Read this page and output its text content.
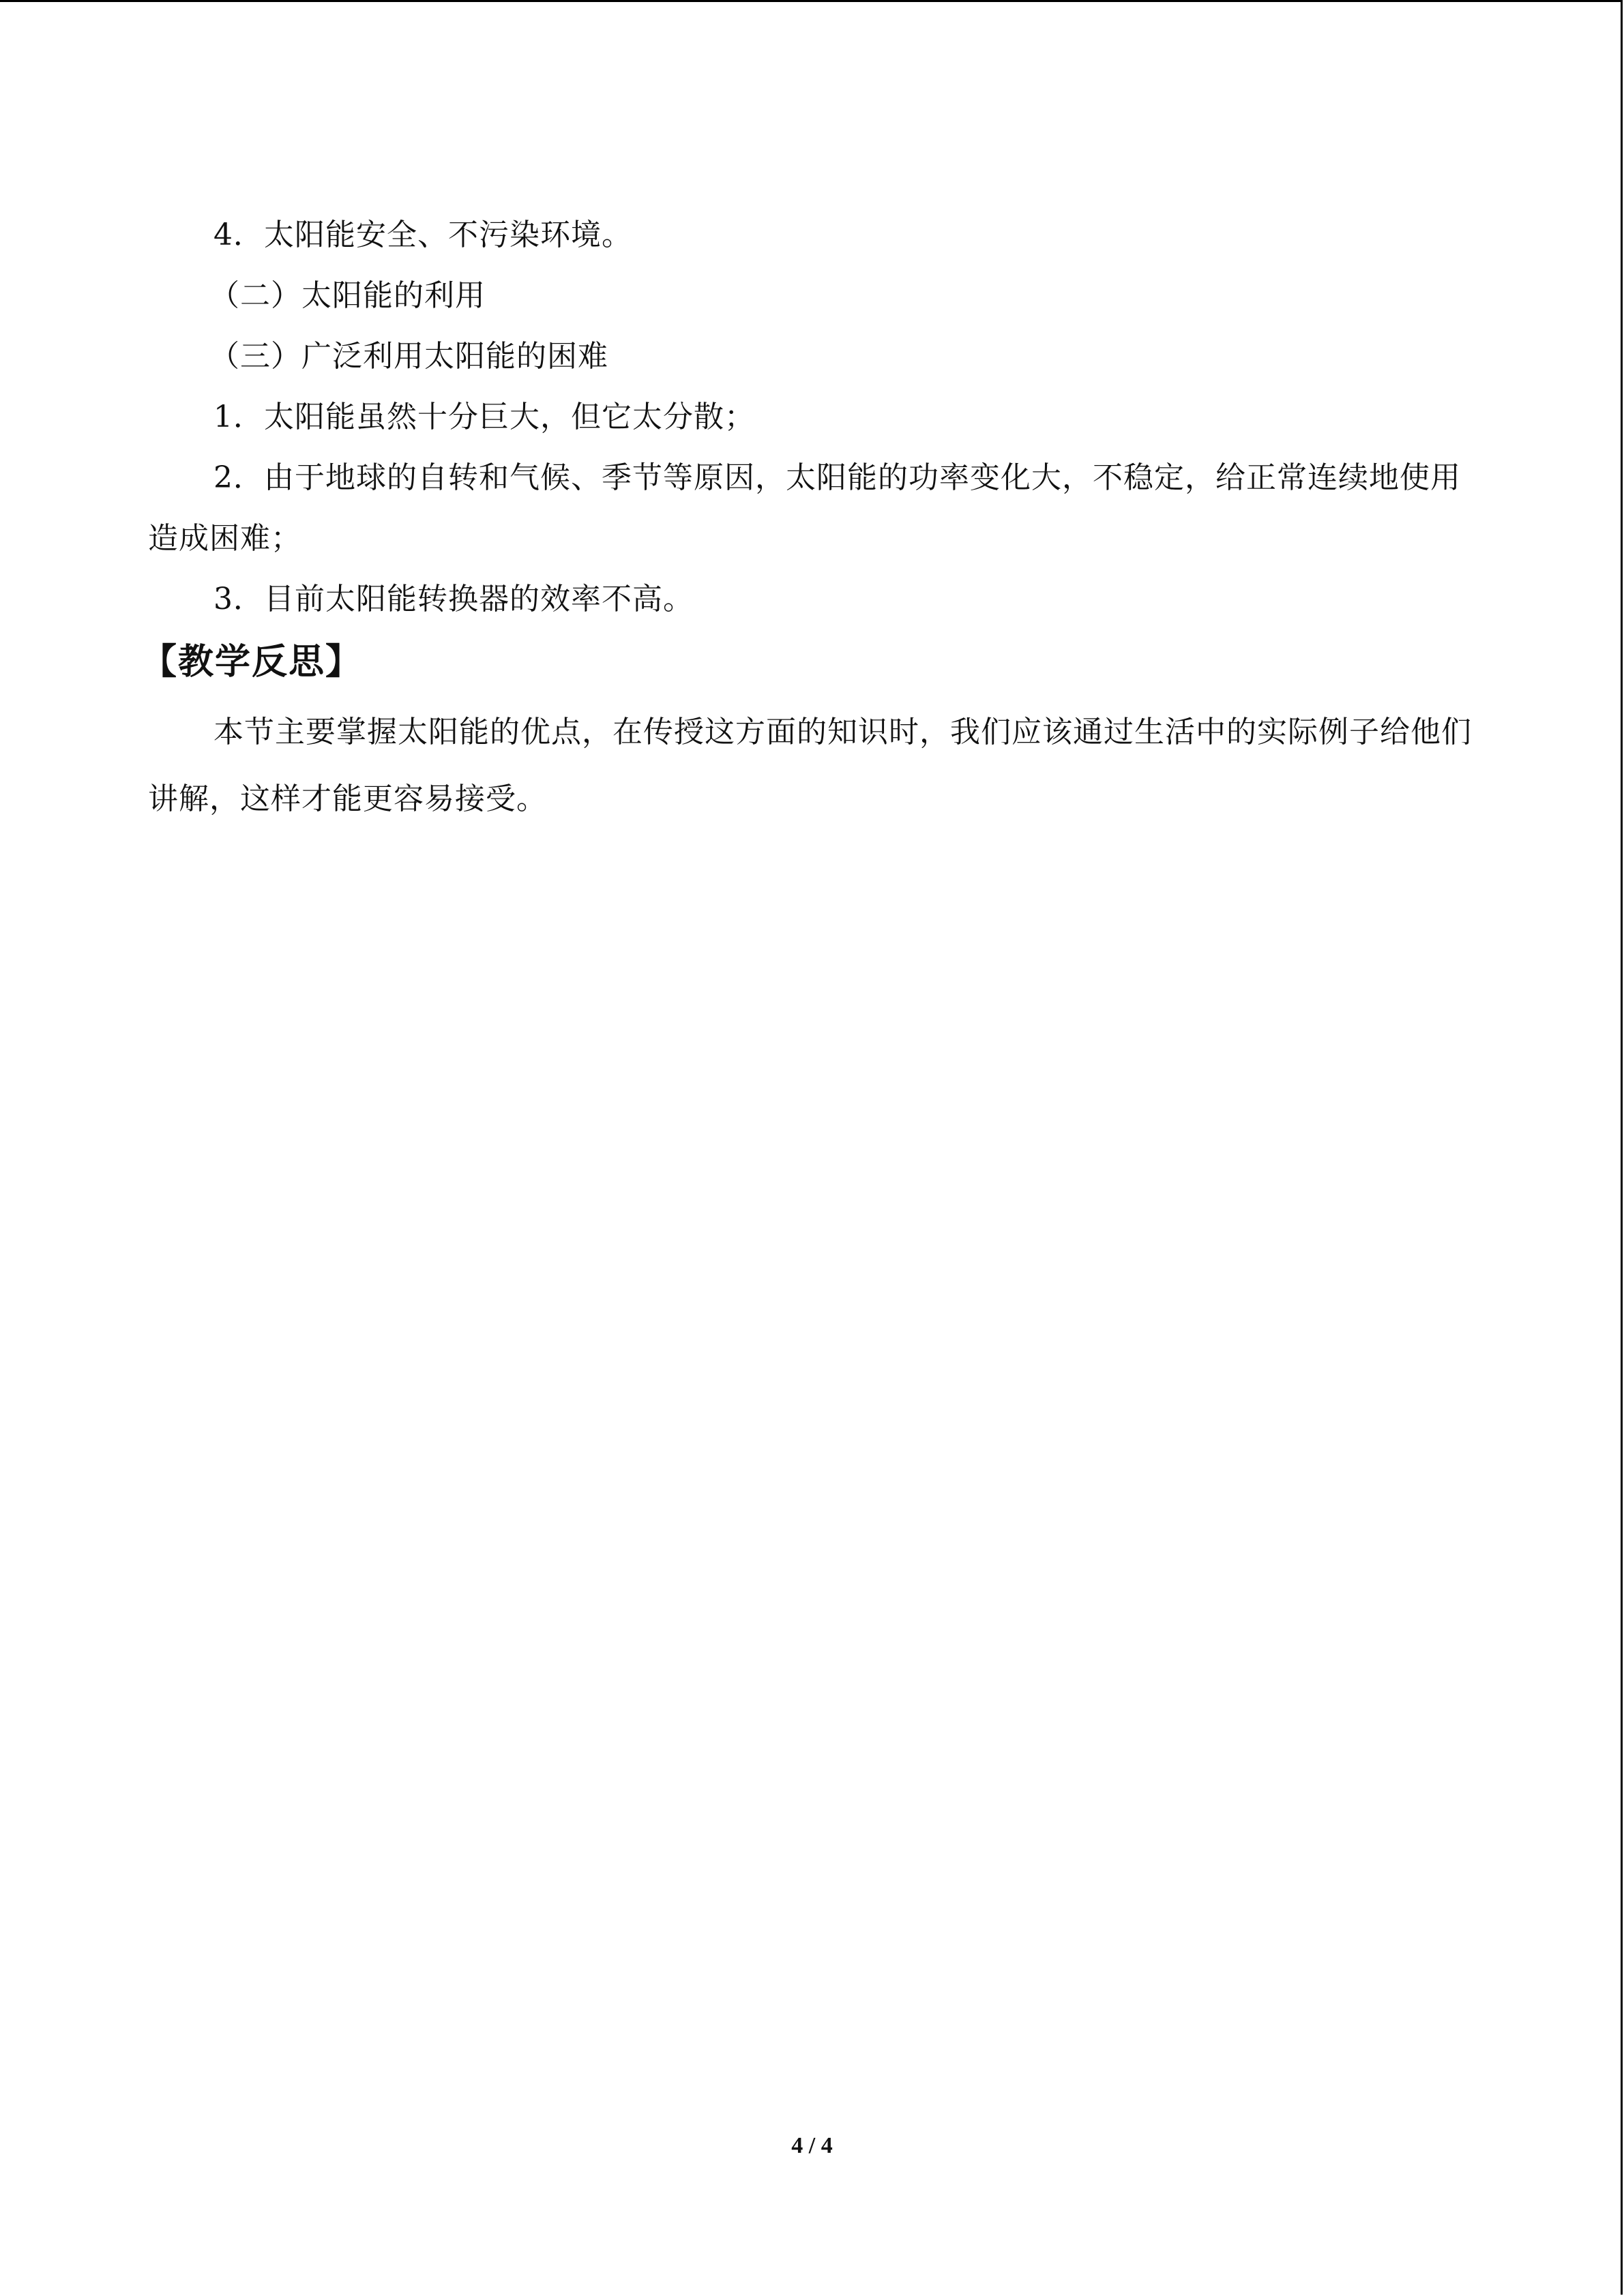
4．太阳能安全、不污染环境。

（二）太阳能的利用

（三）广泛利用太阳能的困难

1．太阳能虽然十分巨大，但它太分散；

2．由于地球的自转和气候、季节等原因，太阳能的功率变化大，不稳定，给正常连续地使用造成困难；

3．目前太阳能转换器的效率不高。

【教学反思】

本节主要掌握太阳能的优点，在传授这方面的知识时，我们应该通过生活中的实际例子给他们讲解，这样才能更容易接受。

4 / 4
